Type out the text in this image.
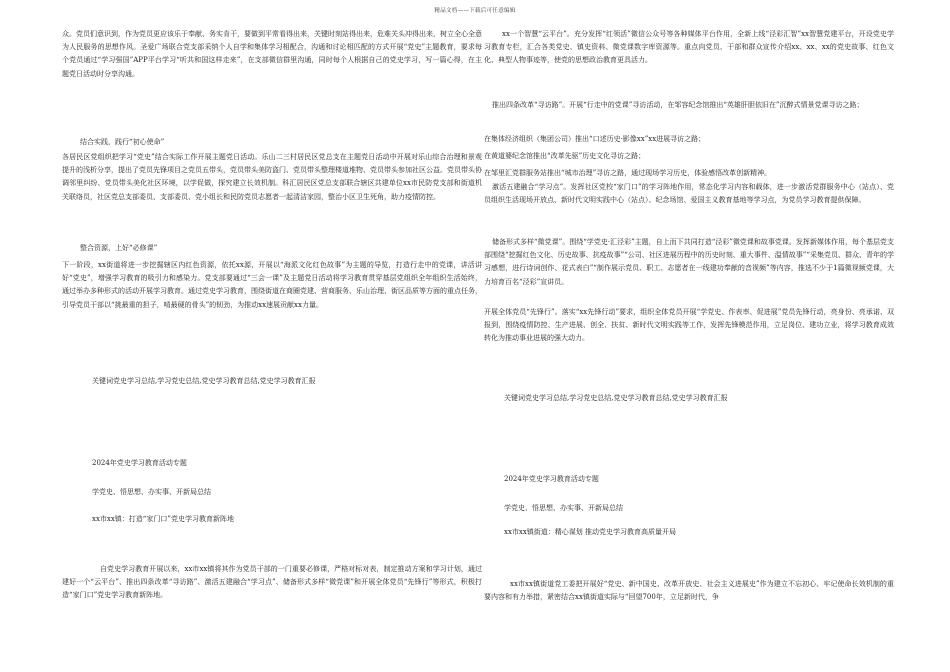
精品文档——下载后可任意编辑
众。党员们意识到，作为党员更应该乐于奉献、务实肯干，要做到平常看得出来，关键时刻站得出来，危难关头冲得出来，树立全心全意为人民服务的思想作风。圣爱广场联合党支部采纳个人自学和集体学习相配合，沟通和讨论相匹配的方式开展“党史”主题教育，要求每个党员通过“学习强国”APP平台学习“听共和国这样走来”，在支部微信群里沟通，同时每个人根据自己的党史学习，写一篇心得，在主题党日活动时分享沟通。
结合实践，践行“初心使命”
各居民区党组织把学习“党史”结合实际工作开展主题党日活动。乐山二三村居民区党总支在主题党日活动中开展对乐山综合治理和景观提升的浅析分享，提出了党员先锋项目之党员五带头，党员带头美防盗门、党员带头整理楼道堆物、党员带头参加社区公益。党员带头协调邻里纠纷、党员带头美化社区环境，以学促做，探究建立长效机制。科汇居民区党总支部联合辖区共建单位xx市民防党支部和街道机关联络员，社区党总支部委员、支部委员、党小组长和民防党员志愿者一起清洁家园，整治小区卫生死角，助力疫情防控。
整合资源，上好“必修课”
下一阶段，xx街道将进一步挖掘辖区内红色资源，依托xx源，开展以“海派文化红色故事”为主题的导览，打造行走中的党课，讲活讲好“党史”，增强学习教育的吸引力和感染力。党支部要通过“三会一课”及主题党日活动将学习教育贯穿基层党组织全年组织生活始终，通过举办多种形式的活动开展学习教育。通过党史学习教育，围绕街道在商圈党建、营商服务、乐山治理、街区品质等方面的重点任务，引导党员干部以“挑最重的担子，啃最硬的骨头”的韧劲，为推动xx速展贡献xx力量。
关键词党史学习总结,学习党史总结,党史学习教育总结,党史学习教育汇报
2024年党史学习教育活动专题
学党史、悟思想、办实事、开新局总结
xx市xx镇：打造“家门口”党史学习教育新阵地
自党史学习教育开展以来，xx市xx镇将其作为党员干部的一门重要必修课，严格对标对表，制定推动方案和学习计划，通过建好一个“云平台”、推出四条改革“寻访路”、激活五建融合“学习点”、储备形式多样“微党课”和开展全体党员“先锋行”等形式，积极打造“家门口”党史学习教育新阵地。
xx一个智慧“云平台”。充分发挥“红领活”微信公众号等各种媒体平台作用，全新上线“泾彩汇智”xx智慧党建平台，开设党史学习教育专栏，汇合各类党史、镇史资料、微党课数字库资源等。重点向党员、干部和群众宣传介绍xx、xx、xx的党史故事、红色文化、典型人物事迹等，使党的思想政治教育更具活力。
推出四条改革“寻访路”。开展“行走中的党课”寻访活动，在邹容纪念馆推出“英雄肝胆依旧在”沉醉式情景党课寻访之路；
在集体经济组织（集团公司）推出“口述历史·影像xx”xx进展寻访之路；
在黄道婆纪念馆推出“改革先驱”历史文化寻访之路；
在邹里汇党群服务站推出“城市治理”寻访之路，通过现场学习历史，体验感悟改革创新精神。
激活五建融合“学习点”。发挥社区党校“家门口”的学习阵地作用，常态化学习内容和载体，进一步激活党群服务中心（站点）、党员组织生活现场开放点、新时代文明实践中心（站点）、纪念场馆、爱国主义教育基地等学习点，为党员学习教育提供保障。
储备形式多样“微党课”。围绕“学党史·汇泾彩”主题，自上而下共同打造“泾彩”微党课和故事党课。发挥新媒体作用，每个基层党支部围绕“挖掘红色文化、历史故事、抗疫故事”“公司、社区进展历程中的历史时刻、重大事件、温情故事”“采集党员、群众、青年的学习感想，进行诗词创作、花式表白”“制作展示党员、职工、志愿者在一线建功奉献的音视频”等内容，推选不少于1篇微视频党课，大力培育百名“泾彩”宣讲员。
开展全体党员“先锋行”。落实“xx先锋行动”要求，组织全体党员开展“学党史、作表率、促进展”党员先锋行动，亮身份、亮承诺、双报到，围绕疫情防控、生产进展、创全、扶贫、新时代文明实践等工作，发挥先锋模范作用，立足岗位、建功立业，将学习教育成效转化为推动事业进展的强大动力。
关键词党史学习总结,学习党史总结,党史学习教育总结,党史学习教育汇报
2024年党史学习教育活动专题
学党史、悟思想、办实事、开新局总结
xx市xx镇街道：精心谋划 推动党史学习教育高质量开局
xx市xx镇街道党工委把开展好“党史、新中国史、改革开放史、社会主义进展史”作为建立不忘初心、牢记使命长效机制的重要内容和有力举措，紧密结合xx镇街道实际与“回望700年，立足新时代，争
